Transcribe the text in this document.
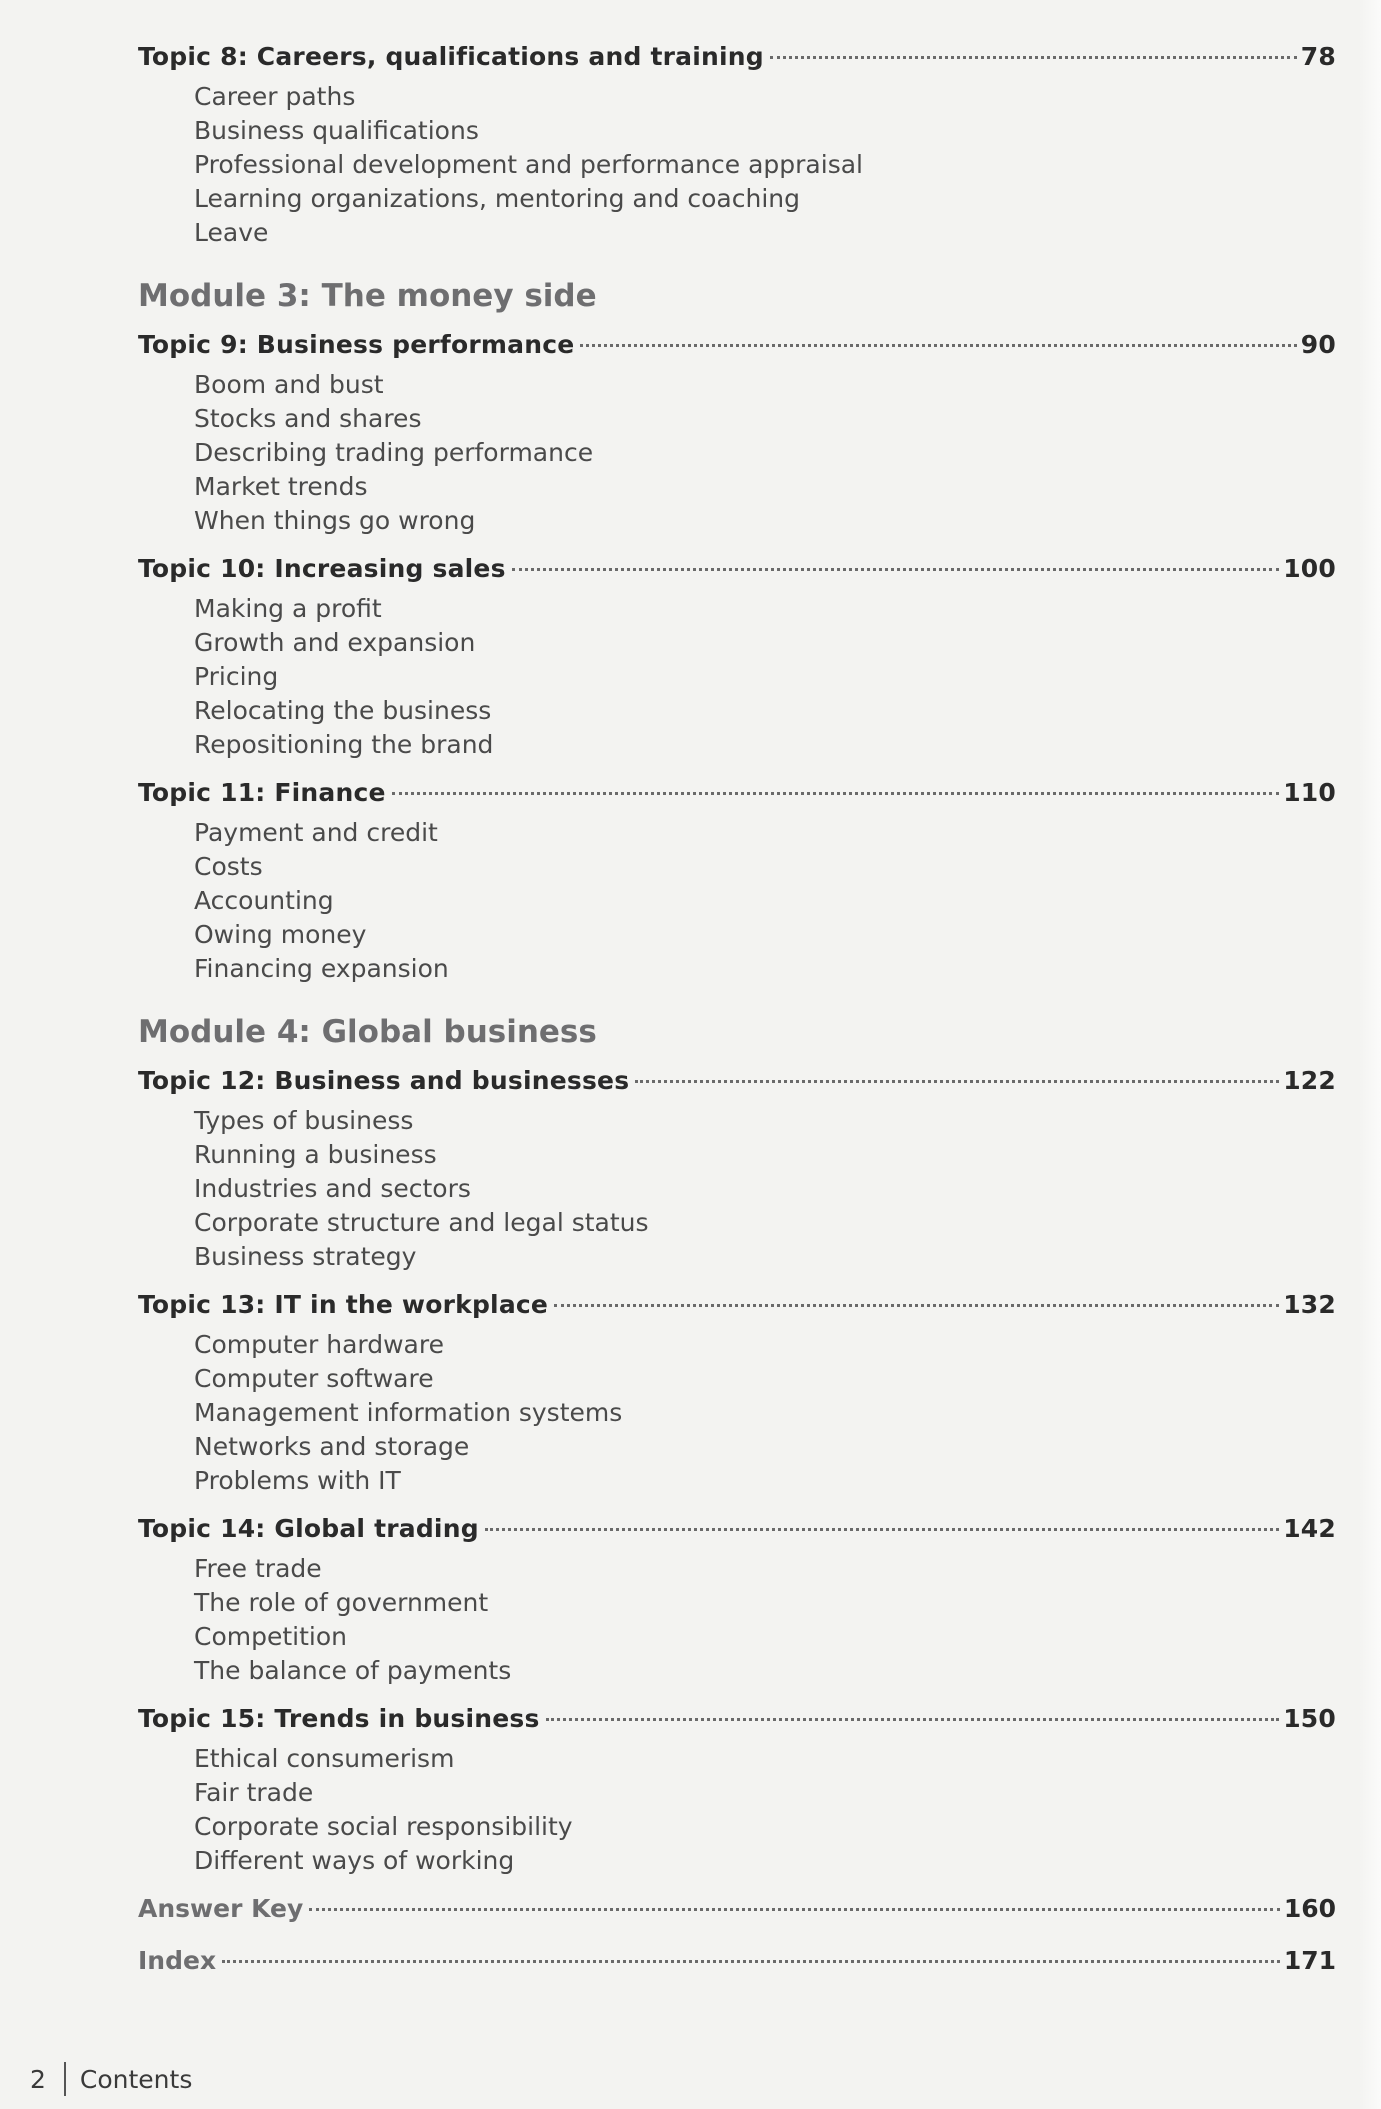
Topic 8: Careers, qualifications and training	78
Career paths
Business qualifications
Professional development and performance appraisal
Learning organizations, mentoring and coaching
Leave
Module 3: The money side
Topic 9: Business performance	90
Boom and bust
Stocks and shares
Describing trading performance
Market trends
When things go wrong
Topic 10: Increasing sales	100
Making a profit
Growth and expansion
Pricing
Relocating the business
Repositioning the brand
Topic 11: Finance	110
Payment and credit
Costs
Accounting
Owing money
Financing expansion
Module 4: Global business
Topic 12: Business and businesses	122
Types of business
Running a business
Industries and sectors
Corporate structure and legal status
Business strategy
Topic 13: IT in the workplace	132
Computer hardware
Computer software
Management information systems
Networks and storage
Problems with IT
Topic 14: Global trading	142
Free trade
The role of government
Competition
The balance of payments
Topic 15: Trends in business	150
Ethical consumerism
Fair trade
Corporate social responsibility
Different ways of working
Answer Key	160
Index	171
2 Contents
